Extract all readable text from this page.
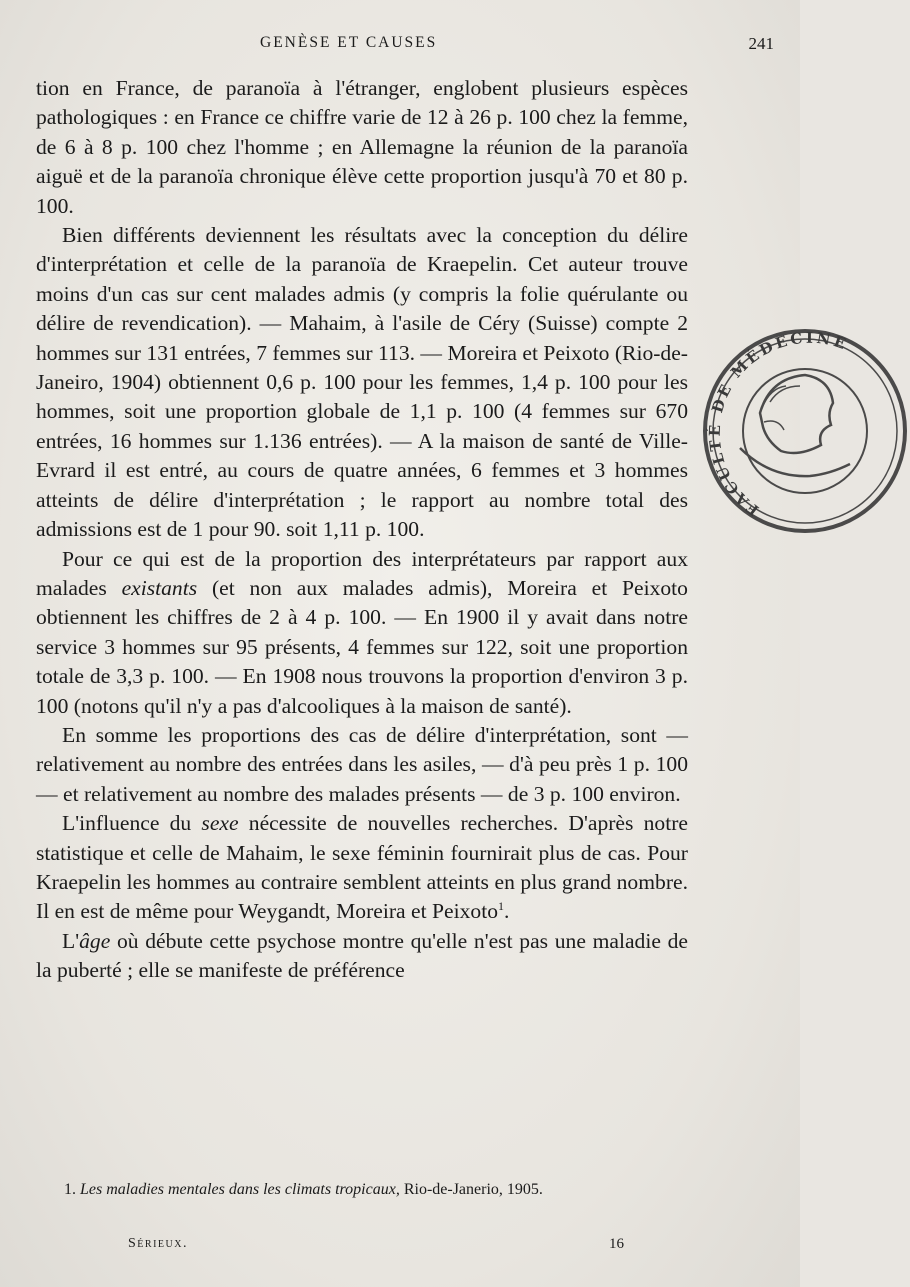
GENÈSE ET CAUSES	241

tion en France, de paranoïa à l'étranger, englobent plusieurs espèces pathologiques : en France ce chiffre varie de 12 à 26 p. 100 chez la femme, de 6 à 8 p. 100 chez l'homme ; en Allemagne la réunion de la paranoïa aiguë et de la paranoïa chronique élève cette proportion jusqu'à 70 et 80 p. 100.

Bien différents deviennent les résultats avec la conception du délire d'interprétation et celle de la paranoïa de Kraepelin. Cet auteur trouve moins d'un cas sur cent malades admis (y compris la folie quérulante ou délire de revendication). — Mahaim, à l'asile de Céry (Suisse) compte 2 hommes sur 131 entrées, 7 femmes sur 113. — Moreira et Peixoto (Rio-de-Janeiro, 1904) obtiennent 0,6 p. 100 pour les femmes, 1,4 p. 100 pour les hommes, soit une proportion globale de 1,1 p. 100 (4 femmes sur 670 entrées, 16 hommes sur 1.136 entrées). — A la maison de santé de Ville-Evrard il est entré, au cours de quatre années, 6 femmes et 3 hommes atteints de délire d'interprétation ; le rapport au nombre total des admissions est de 1 pour 90. soit 1,11 p. 100.

Pour ce qui est de la proportion des interprétateurs par rapport aux malades existants (et non aux malades admis), Moreira et Peixoto obtiennent les chiffres de 2 à 4 p. 100. — En 1900 il y avait dans notre service 3 hommes sur 95 présents, 4 femmes sur 122, soit une proportion totale de 3,3 p. 100. — En 1908 nous trouvons la proportion d'environ 3 p. 100 (notons qu'il n'y a pas d'alcooliques à la maison de santé).

En somme les proportions des cas de délire d'interprétation, sont — relativement au nombre des entrées dans les asiles, — d'à peu près 1 p. 100 — et relativement au nombre des malades présents — de 3 p. 100 environ.

L'influence du sexe nécessite de nouvelles recherches. D'après notre statistique et celle de Mahaim, le sexe féminin fournirait plus de cas. Pour Kraepelin les hommes au contraire semblent atteints en plus grand nombre. Il en est de même pour Weygandt, Moreira et Peixoto$^1$.

L'âge où débute cette psychose montre qu'elle n'est pas une maladie de la puberté ; elle se manifeste de préférence

1. Les maladies mentales dans les climats tropicaux, Rio-de-Janerio, 1905.
Sérieux.	16
FACULTÉ DE MÉDECINE
